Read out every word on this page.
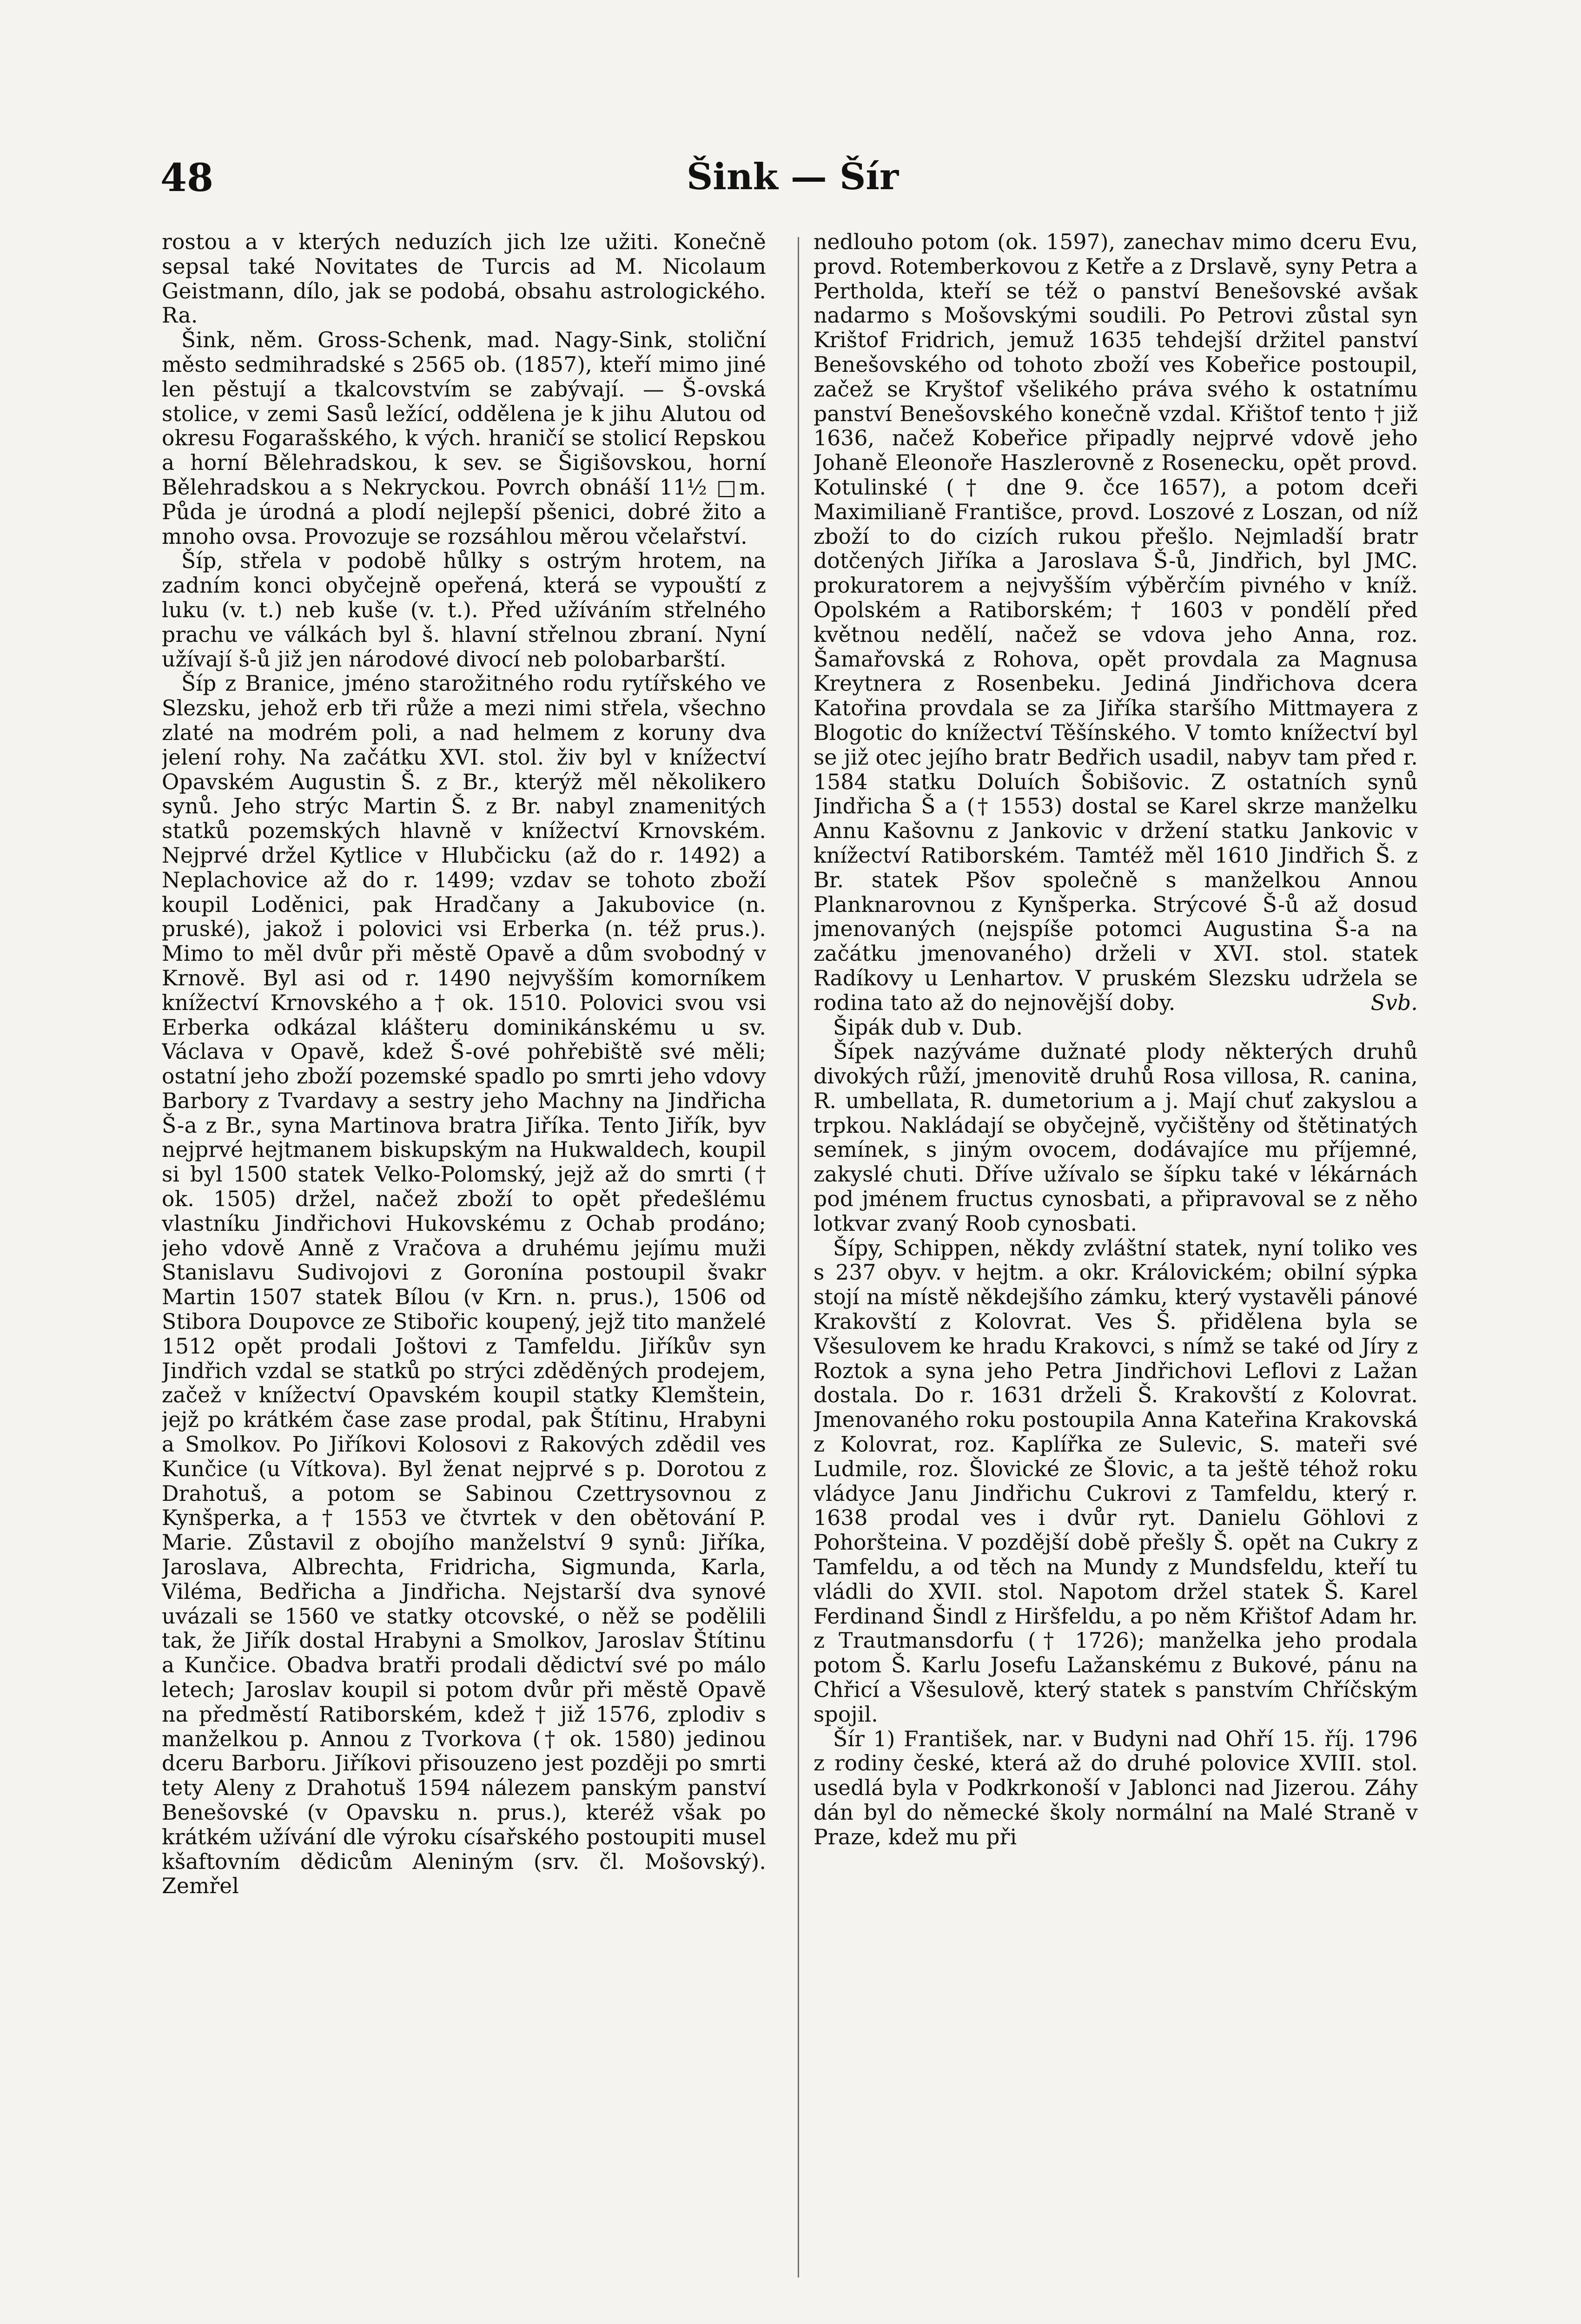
48	Šink — Šír

rostou a v kterých neduzích jich lze užiti. Konečně sepsal také Novitates de Turcis ad M. Nicolaum Geistmann, dílo, jak se podobá, obsahu astrologického. Ra.

Šink, něm. Gross-Schenk, mad. Nagy-Sink, stoliční město sedmihradské s 2565 ob. (1857), kteří mimo jiné len pěstují a tkalcovstvím se zabývají. — Š-ovská stolice, v zemi Sasů ležící, oddělena je k jihu Alutou od okresu Fogarašského, k vých. hraničí se stolicí Repskou a horní Bělehradskou, k sev. se Šigišovskou, horní Bělehradskou a s Nekryckou. Povrch obnáší 11½ □m. Půda je úrodná a plodí nejlepší pšenici, dobré žito a mnoho ovsa. Provozuje se rozsáhlou měrou včelařství.

Šíp, střela v podobě hůlky s ostrým hrotem, na zadním konci obyčejně opeřená, která se vypouští z luku (v. t.) neb kuše (v. t.). Před užíváním střelného prachu ve válkách byl š. hlavní střelnou zbraní. Nyní užívají š-ů již jen národové divocí neb polobarbarští.

Šíp z Branice, jméno starožitného rodu rytířského ve Slezsku, jehož erb tři růže a mezi nimi střela, všechno zlaté na modrém poli, a nad helmem z koruny dva jelení rohy. Na začátku XVI. stol. živ byl v knížectví Opavském Augustin Š. z Br., kterýž měl několikero synů. Jeho strýc Martin Š. z Br. nabyl znamenitých statků pozemských hlavně v knížectví Krnovském. Nejprvé držel Kytlice v Hlubčicku (až do r. 1492) a Neplachovice až do r. 1499; vzdav se tohoto zboží koupil Loděnici, pak Hradčany a Jakubovice (n. pruské), jakož i polovici vsi Erberka (n. též prus.). Mimo to měl dvůr při městě Opavě a dům svobodný v Krnově. Byl asi od r. 1490 nejvyšším komorníkem knížectví Krnovského a † ok. 1510. Polovici svou vsi Erberka odkázal klášteru dominikánskému u sv. Václava v Opavě, kdež Š-ové pohřebiště své měli; ostatní jeho zboží pozemské spadlo po smrti jeho vdovy Barbory z Tvardavy a sestry jeho Machny na Jindřicha Š-a z Br., syna Martinova bratra Jiříka. Tento Jiřík, byv nejprvé hejtmanem biskupským na Hukwaldech, koupil si byl 1500 statek Velko-Polomský, jejž až do smrti († ok. 1505) držel, načež zboží to opět předešlému vlastníku Jindřichovi Hukovskému z Ochab prodáno; jeho vdově Anně z Vračova a druhému jejímu muži Stanislavu Sudivojovi z Goronína postoupil švakr Martin 1507 statek Bílou (v Krn. n. prus.), 1506 od Stibora Doupovce ze Stibořic koupený, jejž tito manželé 1512 opět prodali Joštovi z Tamfeldu. Jiříkův syn Jindřich vzdal se statků po strýci zděděných prodejem, začež v knížectví Opavském koupil statky Klemštein, jejž po krátkém čase zase prodal, pak Štítinu, Hrabyni a Smolkov. Po Jiříkovi Kolosovi z Rakových zdědil ves Kunčice (u Vítkova). Byl ženat nejprvé s p. Dorotou z Drahotuš, a potom se Sabinou Czettrysovnou z Kynšperka, a † 1553 ve čtvrtek v den obětování P. Marie. Zůstavil z obojího manželství 9 synů: Jiříka, Jaroslava, Albrechta, Fridricha, Sigmunda, Karla, Viléma, Bedřicha a Jindřicha. Nejstarší dva synové uvázali se 1560 ve statky otcovské, o něž se podělili tak, že Jiřík dostal Hrabyni a Smolkov, Jaroslav Štítinu a Kunčice. Obadva bratři prodali dědictví své po málo letech; Jaroslav koupil si potom dvůr při městě Opavě na předměstí Ratiborském, kdež † již 1576, zplodiv s manželkou p. Annou z Tvorkova († ok. 1580) jedinou dceru Barboru. Jiříkovi přisouzeno jest později po smrti tety Aleny z Drahotuš 1594 nálezem panským panství Benešovské (v Opavsku n. prus.), kteréž však po krátkém užívání dle výroku císařského postoupiti musel kšaftovním dědicům Aleniným (srv. čl. Mošovský). Zemřel

nedlouho potom (ok. 1597), zanechav mimo dceru Evu, provd. Rotemberkovou z Ketře a z Drslavě, syny Petra a Pertholda, kteří se též o panství Benešovské avšak nadarmo s Mošovskými soudili. Po Petrovi zůstal syn Krištof Fridrich, jemuž 1635 tehdejší držitel panství Benešovského od tohoto zboží ves Kobeřice postoupil, začež se Kryštof všelikého práva svého k ostatnímu panství Benešovského konečně vzdal. Křištof tento † již 1636, načež Kobeřice připadly nejprvé vdově jeho Johaně Eleonoře Haszlerovně z Rosenecku, opět provd. Kotulinské († dne 9. čce 1657), a potom dceři Maximilianě Františce, provd. Loszové z Loszan, od níž zboží to do cizích rukou přešlo. Nejmladší bratr dotčených Jiříka a Jaroslava Š-ů, Jindřich, byl JMC. prokuratorem a nejvyšším výběrčím pivného v kníž. Opolském a Ratiborském; † 1603 v pondělí před květnou nedělí, načež se vdova jeho Anna, roz. Šamařovská z Rohova, opět provdala za Magnusa Kreytnera z Rosenbeku. Jediná Jindřichova dcera Katořina provdala se za Jiříka staršího Mittmayera z Blogotic do knížectví Těšínského. V tomto knížectví byl se již otec jejího bratr Bedřich usadil, nabyv tam před r. 1584 statku Doluích Šobišovic. Z ostatních synů Jindřicha Š a († 1553) dostal se Karel skrze manželku Annu Kašovnu z Jankovic v držení statku Jankovic v knížectví Ratiborském. Tamtéž měl 1610 Jindřich Š. z Br. statek Pšov společně s manželkou Annou Planknarovnou z Kynšperka. Strýcové Š-ů až dosud jmenovaných (nejspíše potomci Augustina Š-a na začátku jmenovaného) drželi v XVI. stol. statek Radíkovy u Lenhartov. V pruském Slezsku udržela se rodina tato až do nejnovější doby.	Svb.

Šipák dub v. Dub.

Šípek nazýváme dužnaté plody některých druhů divokých růží, jmenovitě druhů Rosa villosa, R. canina, R. umbellata, R. dumetorium a j. Mají chuť zakyslou a trpkou. Nakládají se obyčejně, vyčištěny od štětinatých semínek, s jiným ovocem, dodávajíce mu příjemné, zakyslé chuti. Dříve užívalo se šípku také v lékárnách pod jménem fructus cynosbati, a připravoval se z něho lotkvar zvaný Roob cynosbati.

Šípy, Schippen, někdy zvláštní statek, nyní toliko ves s 237 obyv. v hejtm. a okr. Královickém; obilní sýpka stojí na místě někdejšího zámku, který vystavěli pánové Krakovští z Kolovrat. Ves Š. přidělena byla se Všesulovem ke hradu Krakovci, s nímž se také od Jíry z Roztok a syna jeho Petra Jindřichovi Leflovi z Lažan dostala. Do r. 1631 drželi Š. Krakovští z Kolovrat. Jmenovaného roku postoupila Anna Kateřina Krakovská z Kolovrat, roz. Kaplířka ze Sulevic, S. mateři své Ludmile, roz. Šlovické ze Šlovic, a ta ještě téhož roku vládyce Janu Jindřichu Cukrovi z Tamfeldu, který r. 1638 prodal ves i dvůr ryt. Danielu Göhlovi z Pohoršteina. V pozdější době přešly Š. opět na Cukry z Tamfeldu, a od těch na Mundy z Mundsfeldu, kteří tu vládli do XVII. stol. Napotom držel statek Š. Karel Ferdinand Šindl z Hiršfeldu, a po něm Křištof Adam hr. z Trautmansdorfu († 1726); manželka jeho prodala potom Š. Karlu Josefu Lažanskému z Bukové, pánu na Chřicí a Všesulově, který statek s panstvím Chříčským spojil.

Šír 1) František, nar. v Budyni nad Ohří 15. říj. 1796 z rodiny české, která až do druhé polovice XVIII. stol. usedlá byla v Podkrkonoší v Jablonci nad Jizerou. Záhy dán byl do německé školy normální na Malé Straně v Praze, kdež mu při
